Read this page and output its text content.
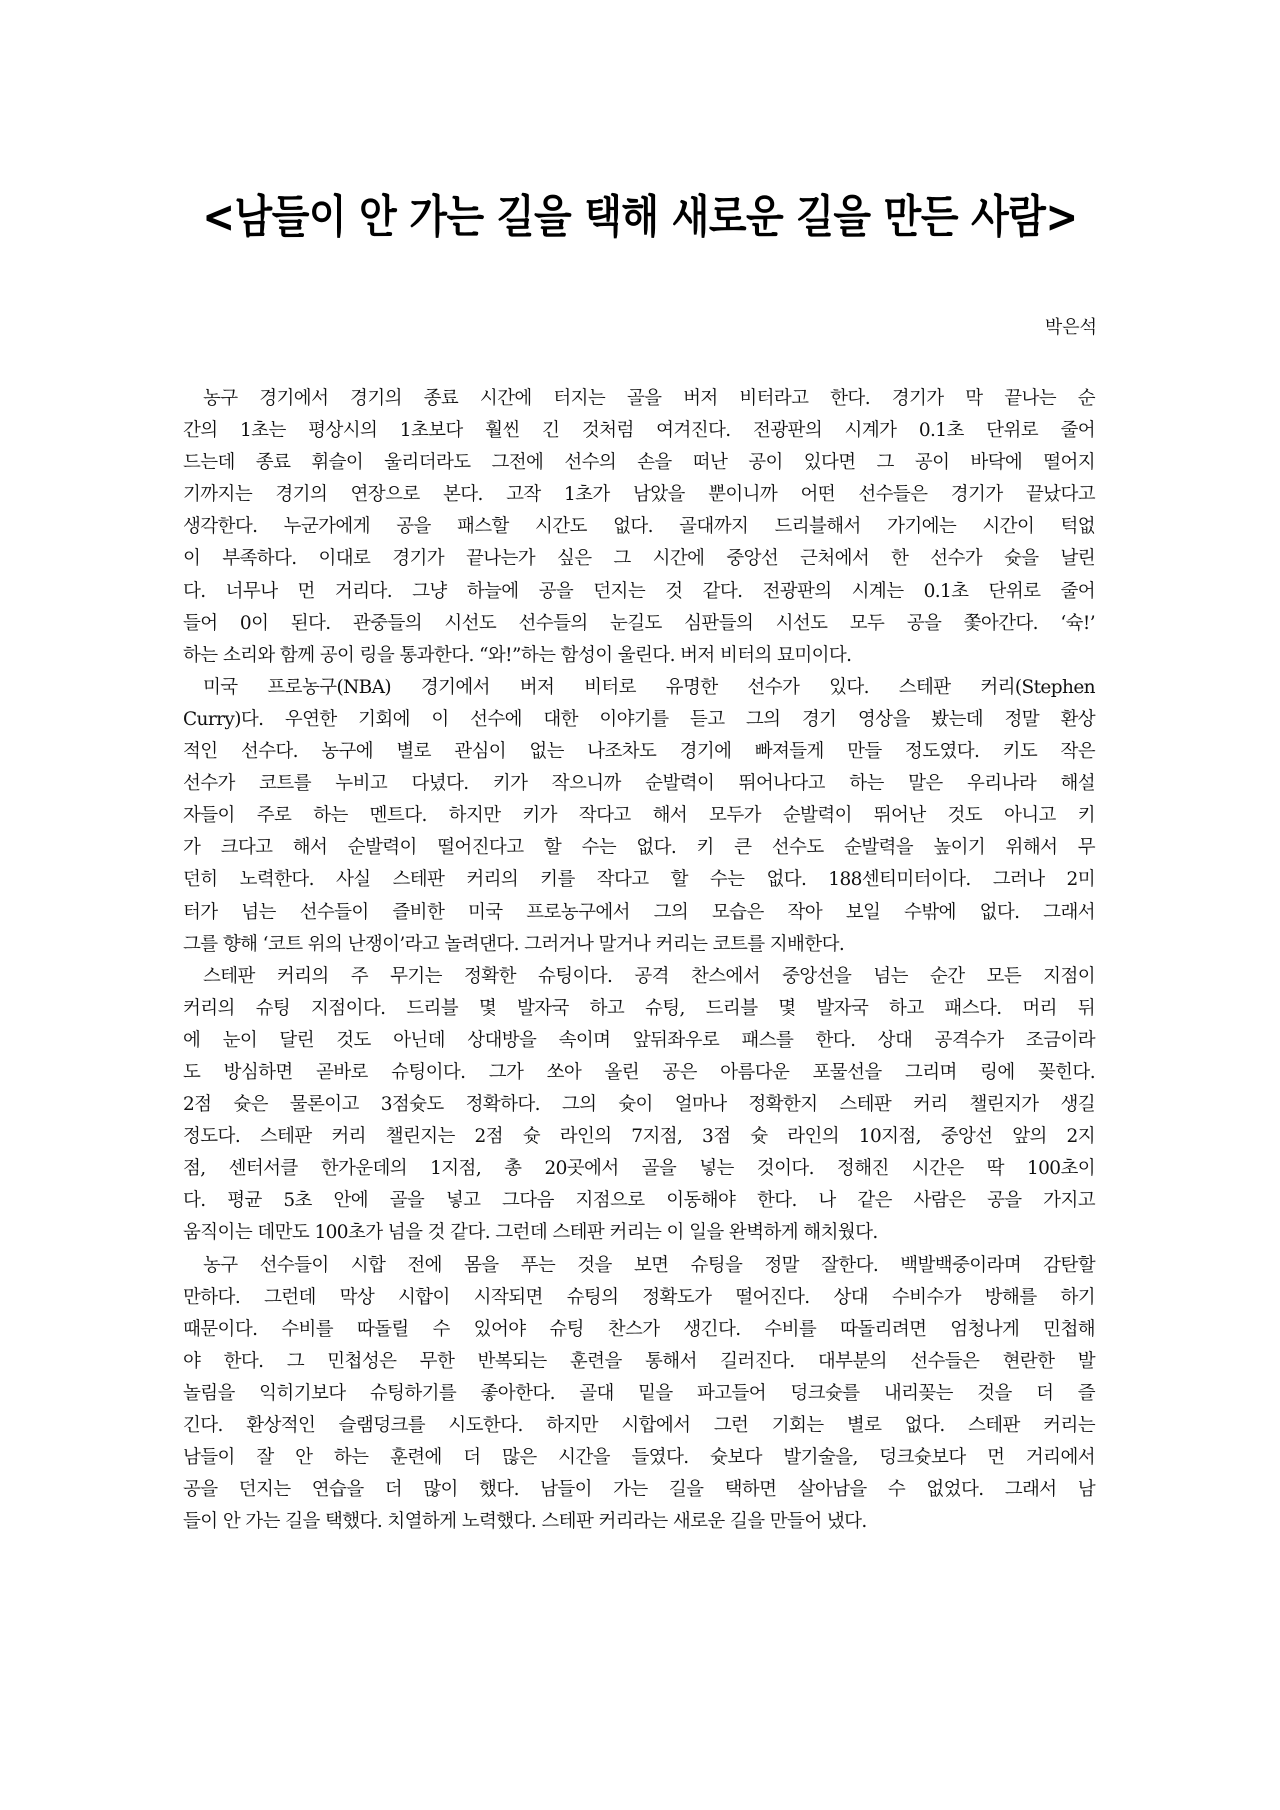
<남들이 안 가는 길을 택해 새로운 길을 만든 사람>
박은석
농구 경기에서 경기의 종료 시간에 터지는 골을 버저 비터라고 한다. 경기가 막 끝나는 순
간의 1초는 평상시의 1초보다 훨씬 긴 것처럼 여겨진다. 전광판의 시계가 0.1초 단위로 줄어
드는데 종료 휘슬이 울리더라도 그전에 선수의 손을 떠난 공이 있다면 그 공이 바닥에 떨어지
기까지는 경기의 연장으로 본다. 고작 1초가 남았을 뿐이니까 어떤 선수들은 경기가 끝났다고
생각한다. 누군가에게 공을 패스할 시간도 없다. 골대까지 드리블해서 가기에는 시간이 턱없
이 부족하다. 이대로 경기가 끝나는가 싶은 그 시간에 중앙선 근처에서 한 선수가 슛을 날린
다. 너무나 먼 거리다. 그냥 하늘에 공을 던지는 것 같다. 전광판의 시계는 0.1초 단위로 줄어
들어 0이 된다. 관중들의 시선도 선수들의 눈길도 심판들의 시선도 모두 공을 쫓아간다. ‘슉!’
하는 소리와 함께 공이 링을 통과한다. “와!”하는 함성이 울린다. 버저 비터의 묘미이다.
미국 프로농구(NBA) 경기에서 버저 비터로 유명한 선수가 있다. 스테판 커리(Stephen
Curry)다. 우연한 기회에 이 선수에 대한 이야기를 듣고 그의 경기 영상을 봤는데 정말 환상
적인 선수다. 농구에 별로 관심이 없는 나조차도 경기에 빠져들게 만들 정도였다. 키도 작은
선수가 코트를 누비고 다녔다. 키가 작으니까 순발력이 뛰어나다고 하는 말은 우리나라 해설
자들이 주로 하는 멘트다. 하지만 키가 작다고 해서 모두가 순발력이 뛰어난 것도 아니고 키
가 크다고 해서 순발력이 떨어진다고 할 수는 없다. 키 큰 선수도 순발력을 높이기 위해서 무
던히 노력한다. 사실 스테판 커리의 키를 작다고 할 수는 없다. 188센티미터이다. 그러나 2미
터가 넘는 선수들이 즐비한 미국 프로농구에서 그의 모습은 작아 보일 수밖에 없다. 그래서
그를 향해 ‘코트 위의 난쟁이’라고 놀려댄다. 그러거나 말거나 커리는 코트를 지배한다.
스테판 커리의 주 무기는 정확한 슈팅이다. 공격 찬스에서 중앙선을 넘는 순간 모든 지점이
커리의 슈팅 지점이다. 드리블 몇 발자국 하고 슈팅, 드리블 몇 발자국 하고 패스다. 머리 뒤
에 눈이 달린 것도 아닌데 상대방을 속이며 앞뒤좌우로 패스를 한다. 상대 공격수가 조금이라
도 방심하면 곧바로 슈팅이다. 그가 쏘아 올린 공은 아름다운 포물선을 그리며 링에 꽂힌다.
2점 슛은 물론이고 3점슛도 정확하다. 그의 슛이 얼마나 정확한지 스테판 커리 챌린지가 생길
정도다. 스테판 커리 챌린지는 2점 슛 라인의 7지점, 3점 슛 라인의 10지점, 중앙선 앞의 2지
점, 센터서클 한가운데의 1지점, 총 20곳에서 골을 넣는 것이다. 정해진 시간은 딱 100초이
다. 평균 5초 안에 골을 넣고 그다음 지점으로 이동해야 한다. 나 같은 사람은 공을 가지고
움직이는 데만도 100초가 넘을 것 같다. 그런데 스테판 커리는 이 일을 완벽하게 해치웠다.
농구 선수들이 시합 전에 몸을 푸는 것을 보면 슈팅을 정말 잘한다. 백발백중이라며 감탄할
만하다. 그런데 막상 시합이 시작되면 슈팅의 정확도가 떨어진다. 상대 수비수가 방해를 하기
때문이다. 수비를 따돌릴 수 있어야 슈팅 찬스가 생긴다. 수비를 따돌리려면 엄청나게 민첩해
야 한다. 그 민첩성은 무한 반복되는 훈련을 통해서 길러진다. 대부분의 선수들은 현란한 발
놀림을 익히기보다 슈팅하기를 좋아한다. 골대 밑을 파고들어 덩크슛를 내리꽂는 것을 더 즐
긴다. 환상적인 슬램덩크를 시도한다. 하지만 시합에서 그런 기회는 별로 없다. 스테판 커리는
남들이 잘 안 하는 훈련에 더 많은 시간을 들였다. 슛보다 발기술을, 덩크슛보다 먼 거리에서
공을 던지는 연습을 더 많이 했다. 남들이 가는 길을 택하면 살아남을 수 없었다. 그래서 남
들이 안 가는 길을 택했다. 치열하게 노력했다. 스테판 커리라는 새로운 길을 만들어 냈다.
